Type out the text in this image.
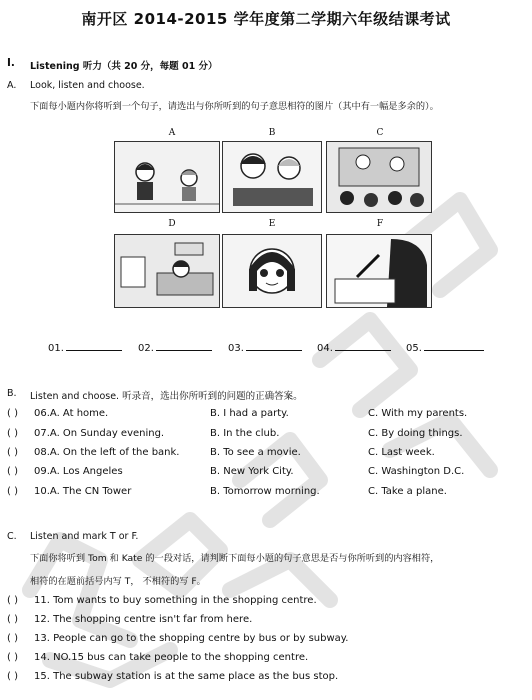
南开区 2014-2015 学年度第二学期六年级结课考试
I. Listening 听力（共 20 分，每题 01 分）
A. Look, listen and choose.
下面每小题内你将听到一个句子，请选出与你所听到的句子意思相符的图片（其中有一幅是多余的）。
A	B	C
D	E	F
01.	02.	03.	04.	05.
B. Listen and choose. 听录音，选出你所听到的问题的正确答案。
( ) 06.A. At home.	B. I had a party.	C. With my parents.
( ) 07.A. On Sunday evening.	B. In the club.	C. By doing things.
( ) 08.A. On the left of the bank.	B. To see a movie.	C. Last week.
( ) 09.A. Los Angeles	B. New York City.	C. Washington D.C.
( ) 10.A. The CN Tower	B. Tomorrow morning.	C. Take a plane.
C. Listen and mark T or F.
下面你将听到 Tom 和 Kate 的一段对话，请判断下面每小题的句子意思是否与你所听到的内容相符，
相符的在题前括号内写 T， 不相符的写 F。
( ) 11. Tom wants to buy something in the shopping centre.
( ) 12. The shopping centre isn't far from here.
( ) 13. People can go to the shopping centre by bus or by subway.
( ) 14. NO.15 bus can take people to the shopping centre.
( ) 15. The subway station is at the same place as the bus stop.
